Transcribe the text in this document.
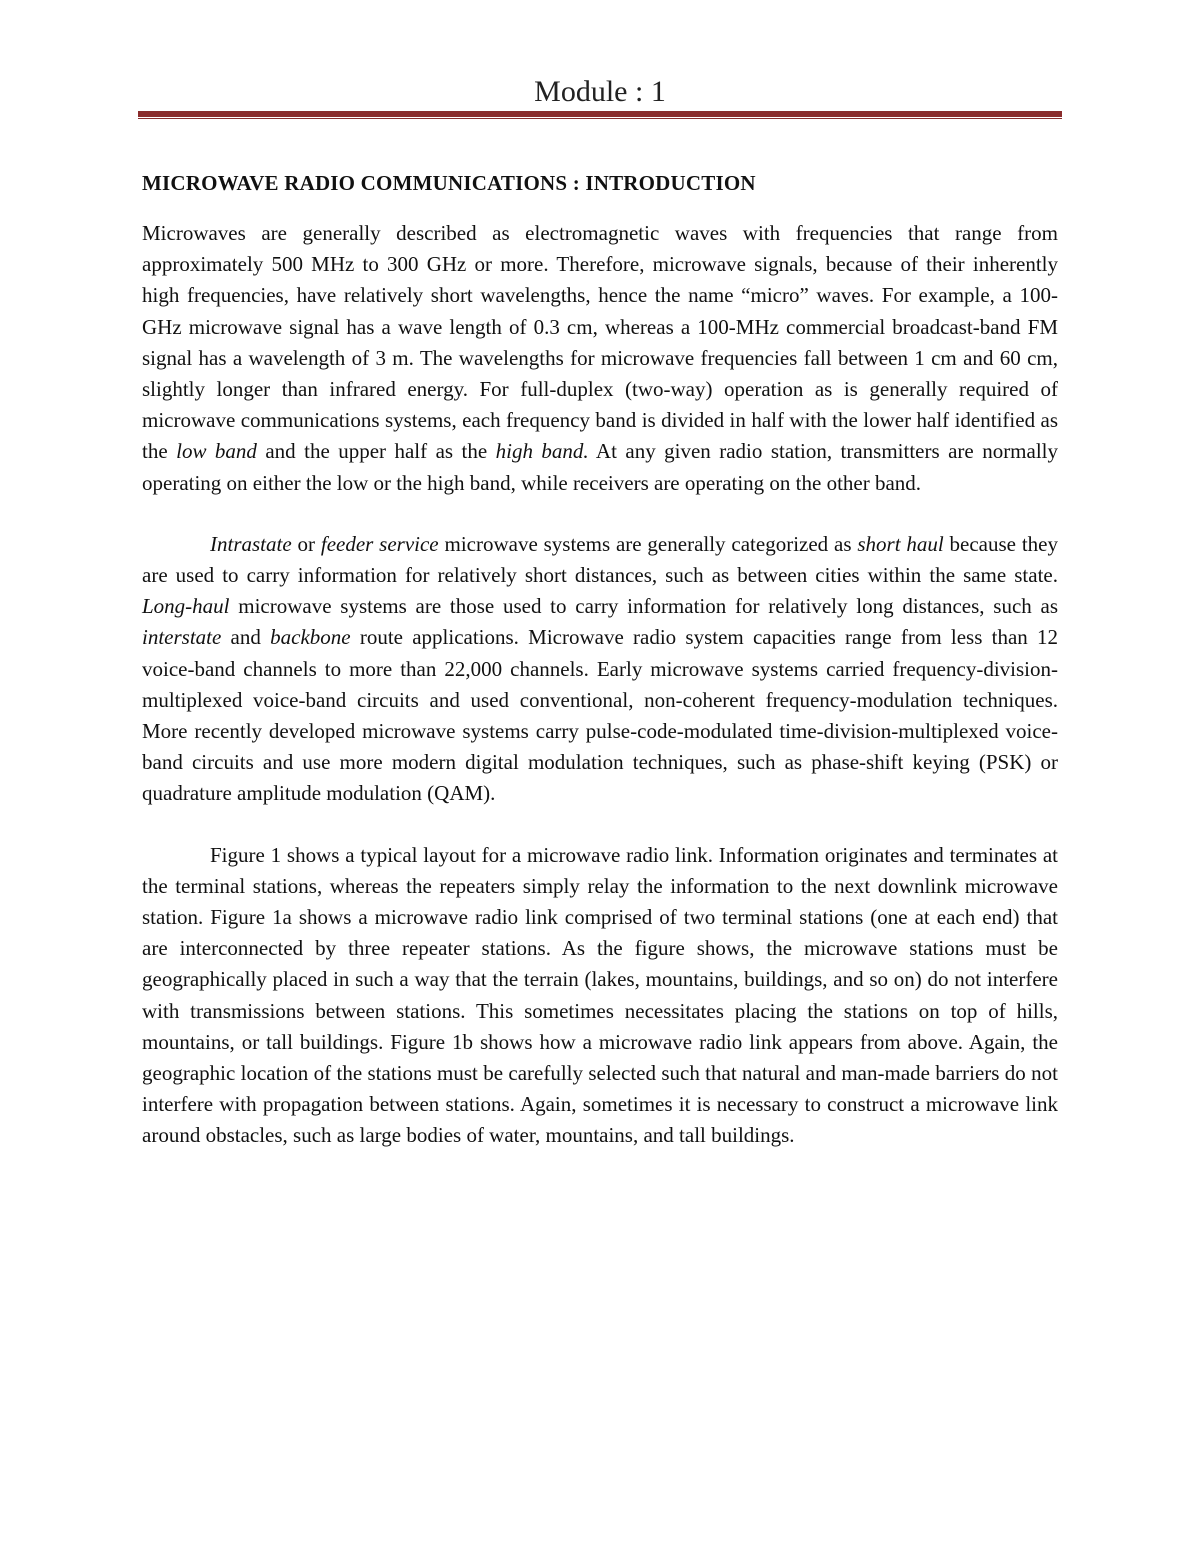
Module : 1
MICROWAVE RADIO COMMUNICATIONS : INTRODUCTION

Microwaves are generally described as electromagnetic waves with frequencies that range from approximately 500 MHz to 300 GHz or more. Therefore, microwave signals, because of their inherently high frequencies, have relatively short wavelengths, hence the name “micro” waves. For example, a 100-GHz microwave signal has a wave length of 0.3 cm, whereas a 100-MHz commercial broadcast-band FM signal has a wavelength of 3 m. The wavelengths for microwave frequencies fall between 1 cm and 60 cm, slightly longer than infrared energy. For full-duplex (two-way) operation as is generally required of microwave communications systems, each frequency band is divided in half with the lower half identified as the low band and the upper half as the high band. At any given radio station, transmitters are normally operating on either the low or the high band, while receivers are operating on the other band.

Intrastate or feeder service microwave systems are generally categorized as short haul because they are used to carry information for relatively short distances, such as between cities within the same state. Long-haul microwave systems are those used to carry information for relatively long distances, such as interstate and backbone route applications. Microwave radio system capacities range from less than 12 voice-band channels to more than 22,000 channels. Early microwave systems carried frequency-division- multiplexed voice-band circuits and used conventional, non-coherent frequency-modulation techniques. More recently developed microwave systems carry pulse-code-modulated time-division-multiplexed voice-band circuits and use more modern digital modulation techniques, such as phase-shift keying (PSK) or quadrature amplitude modulation (QAM).

Figure 1 shows a typical layout for a microwave radio link. Information originates and terminates at the terminal stations, whereas the repeaters simply relay the information to the next downlink microwave station. Figure 1a shows a microwave radio link comprised of two terminal stations (one at each end) that are interconnected by three repeater stations. As the figure shows, the microwave stations must be geographically placed in such a way that the terrain (lakes, mountains, buildings, and so on) do not interfere with transmissions between stations. This sometimes necessitates placing the stations on top of hills, mountains, or tall buildings. Figure 1b shows how a microwave radio link appears from above. Again, the geographic location of the stations must be carefully selected such that natural and man-made barriers do not interfere with propagation between stations. Again, sometimes it is necessary to construct a microwave link around obstacles, such as large bodies of water, mountains, and tall buildings.
